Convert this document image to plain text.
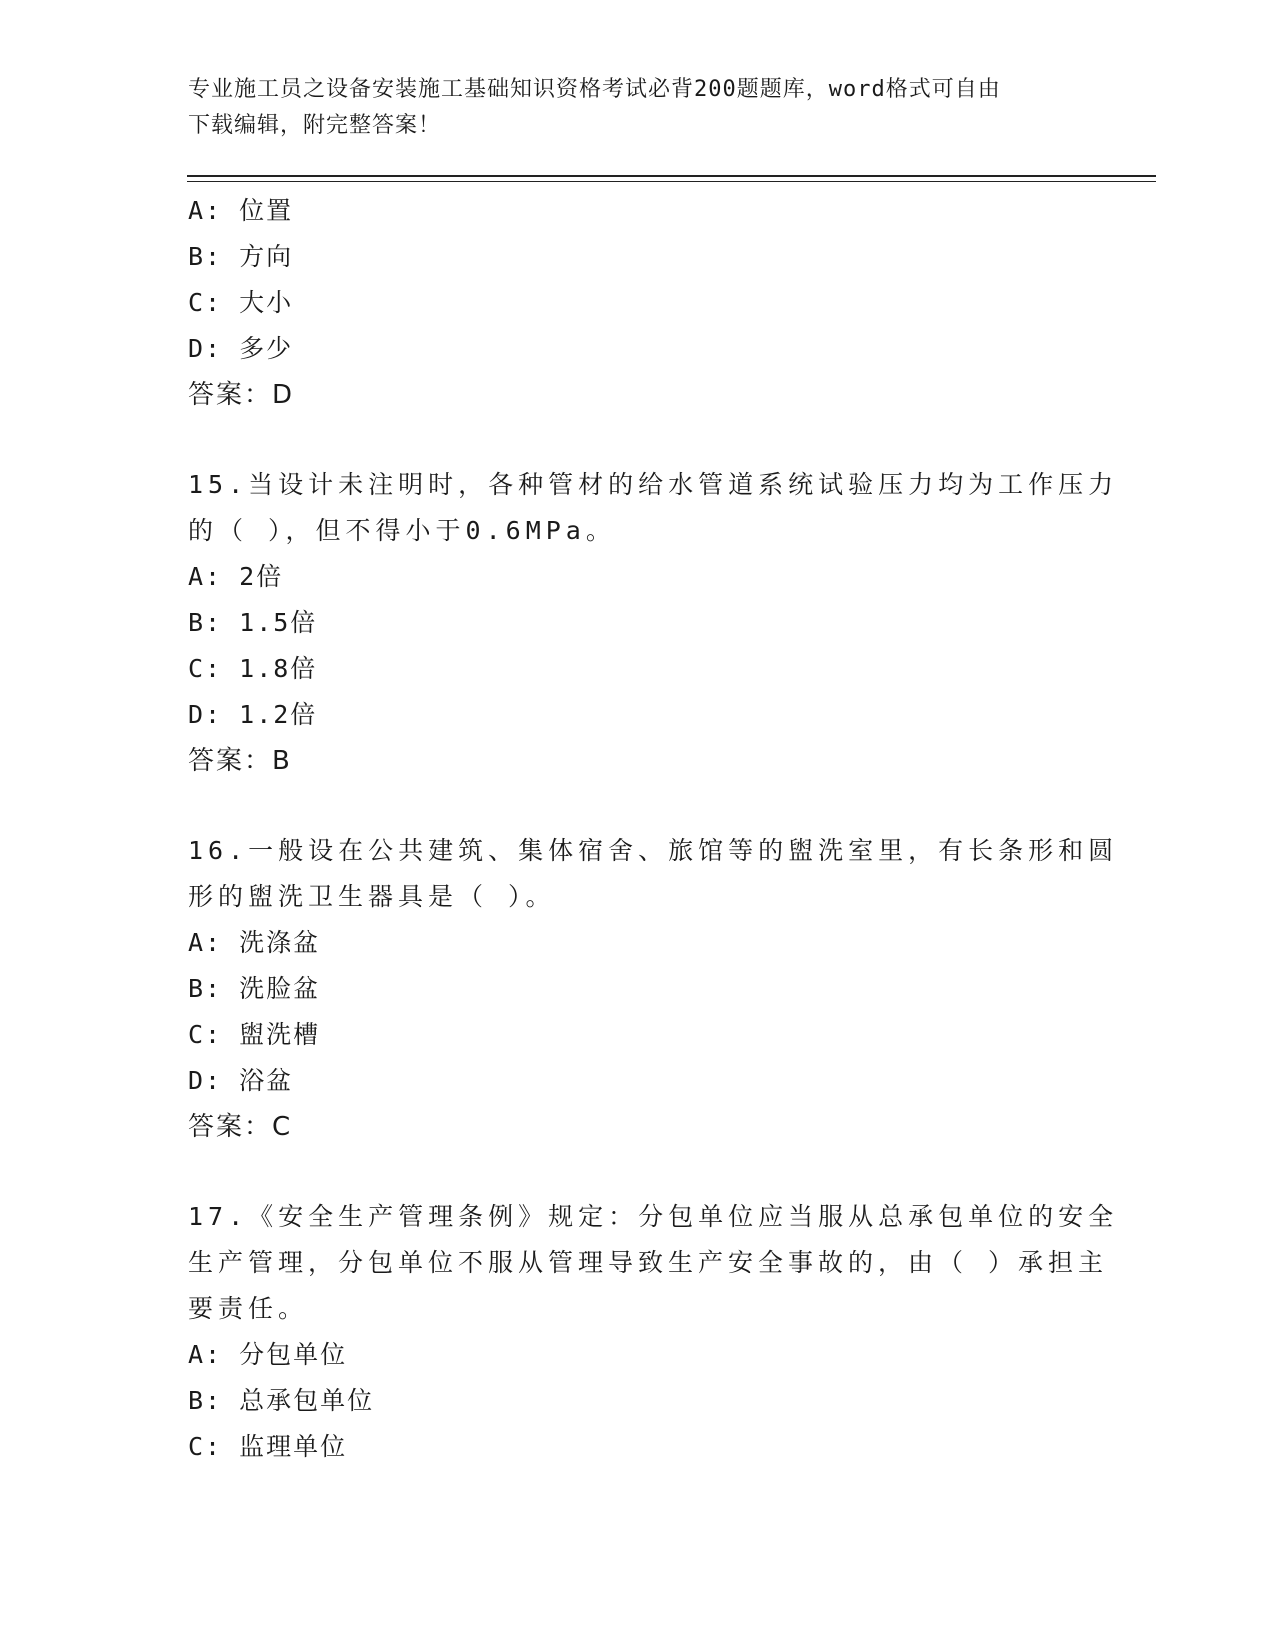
专业施工员之设备安装施工基础知识资格考试必背200题题库，word格式可自由
下载编辑，附完整答案！
A: 位置
B: 方向
C: 大小
D: 多少
答案：D
15.当设计未注明时，各种管材的给水管道系统试验压力均为工作压力
的（ ），但不得小于0.6MPa。
A: 2倍
B: 1.5倍
C: 1.8倍
D: 1.2倍
答案：B
16.一般设在公共建筑、集体宿舍、旅馆等的盥洗室里，有长条形和圆
形的盥洗卫生器具是（ ）。
A: 洗涤盆
B: 洗脸盆
C: 盥洗槽
D: 浴盆
答案：C
17.《安全生产管理条例》规定：分包单位应当服从总承包单位的安全
生产管理，分包单位不服从管理导致生产安全事故的，由（ ）承担主
要责任。
A: 分包单位
B: 总承包单位
C: 监理单位
